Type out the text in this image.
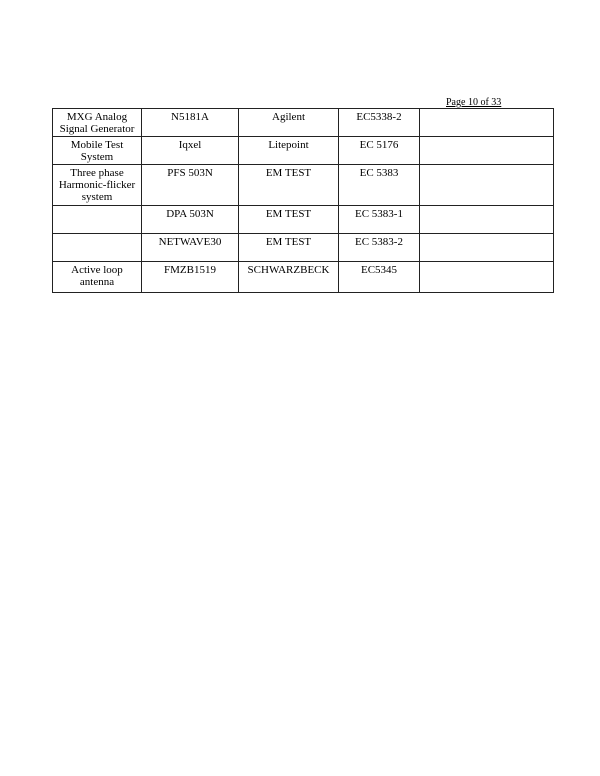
Page 10 of 33
MXG Analog Signal Generator	N5181A	Agilent	EC5338-2	
Mobile Test System	Iqxel	Litepoint	EC 5176	
Three phase Harmonic-flicker system	PFS 503N	EM TEST	EC 5383	
	DPA 503N	EM TEST	EC 5383-1	
	NETWAVE30	EM TEST	EC 5383-2	
Active loop antenna	FMZB1519	SCHWARZBECK	EC5345	
